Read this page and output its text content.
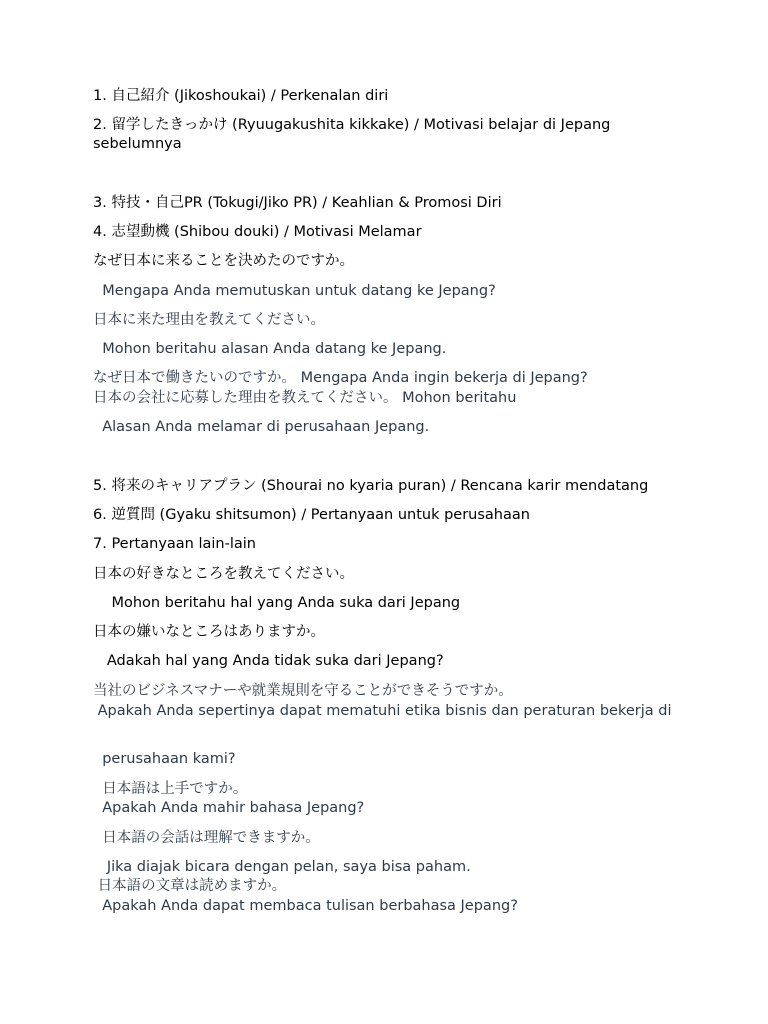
1. 自己紹介 (Jikoshoukai) / Perkenalan diri
2. 留学したきっかけ (Ryuugakushita kikkake) / Motivasi belajar di Jepang sebelumnya
3. 特技・自己PR (Tokugi/Jiko PR) / Keahlian & Promosi Diri
4. 志望動機 (Shibou douki) / Motivasi Melamar
なぜ日本に来ることを決めたのですか。
Mengapa Anda memutuskan untuk datang ke Jepang?
日本に来た理由を教えてください。
Mohon beritahu alasan Anda datang ke Jepang.
なぜ日本で働きたいのですか。 Mengapa Anda ingin bekerja di Jepang?
日本の会社に応募した理由を教えてください。 Mohon beritahu
Alasan Anda melamar di perusahaan Jepang.
5. 将来のキャリアプラン (Shourai no kyaria puran) / Rencana karir mendatang
6. 逆質問 (Gyaku shitsumon) / Pertanyaan untuk perusahaan
7. Pertanyaan lain-lain
日本の好きなところを教えてください。
Mohon beritahu hal yang Anda suka dari Jepang
日本の嫌いなところはありますか。
Adakah hal yang Anda tidak suka dari Jepang?
当社のビジネスマナーや就業規則を守ることができそうですか。
Apakah Anda sepertinya dapat mematuhi etika bisnis dan peraturan bekerja di
perusahaan kami?
日本語は上手ですか。
Apakah Anda mahir bahasa Jepang?
日本語の会話は理解できますか。
Jika diajak bicara dengan pelan, saya bisa paham.
日本語の文章は読めますか。
Apakah Anda dapat membaca tulisan berbahasa Jepang?
